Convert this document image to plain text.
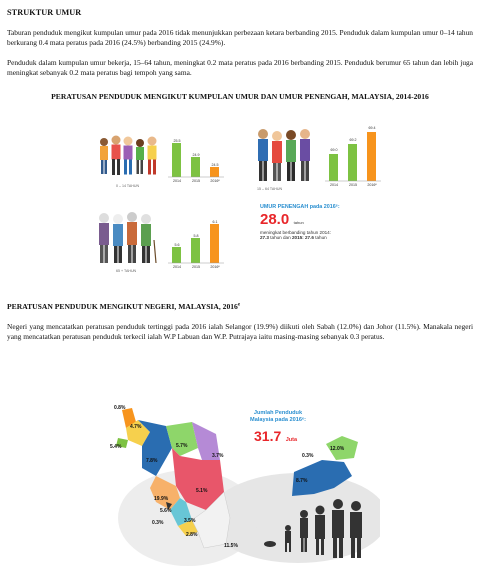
STRUKTUR UMUR
Taburan penduduk mengikut kumpulan umur pada 2016 tidak menunjukkan perbezaan ketara berbanding 2015. Penduduk dalam kumpulan umur 0–14 tahun berkurang 0.4 mata peratus pada 2016 (24.5%) berbanding 2015 (24.9%).
Penduduk dalam kumpulan umur bekerja, 15–64 tahun, meningkat 0.2 mata peratus pada 2016 berbanding 2015. Penduduk berumur 65 tahun dan lebih juga meningkat sebanyak 0.2 mata peratus bagi tempoh yang sama.
PERATUSAN PENDUDUK MENGIKUT KUMPULAN UMUR DAN UMUR PENENGAH, MALAYSIA, 2014-2016
25.5
24.9
24.5
2014	2015	2016ᵉ
0 – 14 TAHUN
69.0
69.2
69.4
2014	2015	2016ᵉ
15 – 64 TAHUN
5.6
5.8
6.1
2014	2015	2016ᵉ
65 + TAHUN
UMUR PENENGAH pada 2016ᵉ:
28.0 tahun
meningkat berbanding tahun 2014:
27.3 tahun dan 2015: 27.6 tahun
PERATUSAN PENDUDUK MENGIKUT NEGERI, MALAYSIA, 2016e
Negeri yang mencatatkan peratusan penduduk tertinggi pada 2016 ialah Selangor (19.9%) diikuti oleh Sabah (12.0%) dan Johor (11.5%). Manakala negeri yang mencatatkan peratusan penduduk terkecil ialah W.P Labuan dan W.P. Putrajaya iaitu masing-masing sebanyak 0.3 peratus.
Jumlah Penduduk
Malaysia pada 2016ᵉ:
31.7 Juta
0.8%
4.7%
5.4%	5.7%
3.7%
7.8%
0.3%
12.0%
8.7%
5.1%
19.9%
5.6%
0.3%	3.5%
2.8%
11.5%
